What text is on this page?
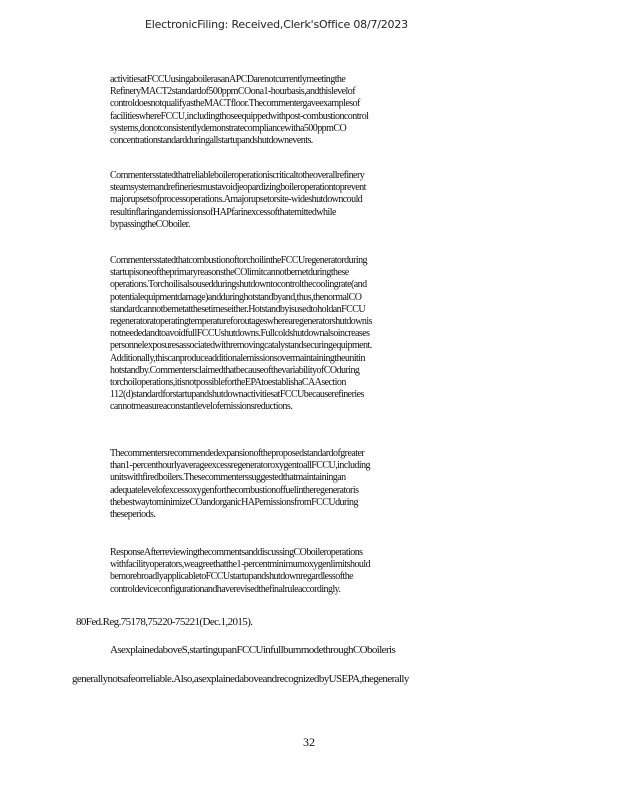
ElectronicFiling: Received,Clerk'sOffice 08/7/2023
activitiesatFCCUusingaboilerasanAPCDarenotcurrentlymeetingthe
RefineryMACT2standardof500ppmCOona1-hourbasis,andthislevelof
controldoesnotqualifyastheMACTfloor.Thecommentergaveexamplesof
facilitieswhereFCCU,includingthoseequippedwithpost-combustioncontrol
systems,donotconsistentlydemonstratecompliancewitha500ppmCO
concentrationstandardduringallstartupandshutdownevents.
Commentersstatedthatreliableboileroperationiscriticaltotheoverallrefinery
steamsystemandrefineriesmustavoidjeopardizingboileroperationtoprevent
majorupsetsofprocessoperations.Amajorupsetorsite-wideshutdowncould
resultinflaringandemissionsofHAPfarinexcessofthatemittedwhile
bypassingtheCOboiler.
CommentersstatedthatcombustionoftorchoilintheFCCUregeneratorduring
startupisoneoftheprimaryreasonstheCOlimitcannotbemetduringthese
operations.Torchoilisalsousedduringshutdowntocontrolthecoolingrate(and
potentialequipmentdamage)andduringhotstandbyand,thus,thenormalCO
standardcannotbemetatthesetimeseither.HotstandbyisusedtoholdanFCCU
regeneratoratoperatingtemperatureforoutageswherearegeneratorshutdownis
notneededandtoavoidfullFCCUshutdowns.Fullcoldshutdownalsoincreases
personnelexposuresassociatedwithremovingcatalystandsecuringequipment.
Additionally,thiscanproduceadditionalemissionsovermaintainingtheunitin
hotstandby.CommentersclaimedthatbecauseofthevariabilityofCOduring
torchoiloperations,itisnotpossiblefortheEPAtoestablishaCAAsection
112(d)standardforstartupandshutdownactivitiesatFCCUbecauserefineries
cannotmeasureaconstantlevelofemissionsreductions.
Thecommentersrecommendedexpansionoftheproposedstandardofgreater
than1-percenthourlyaverageexcessregeneratoroxygentoallFCCU,including
unitswithfiredboilers.Thesecommenterssuggestedthatmaintainingan
adequatelevelofexcessoxygenforthecombustionoffuelintheregeneratoris
thebestwaytominimizeCOandorganicHAPemissionsfromFCCUduring
theseperiods.
ResponseAfterreviewingthecommentsanddiscussingCOboileroperations
withfacilityoperators,weagreethatthe1-percentminimumoxygenlimitshould
bemorebroadlyapplicabletoFCCUstartupandshutdownregardlessofthe
controldeviceconfigurationandhaverevisedthefinalruleaccordingly.
80Fed.Reg.75178,75220-75221(Dec.1,2015).
AsexplainedaboveS,startingupanFCCUinfullburnmodethroughCOboileris
generallynotsafeorreliable.Also,asexplainedaboveandrecognizedbyUSEPA,thegenerally
32
